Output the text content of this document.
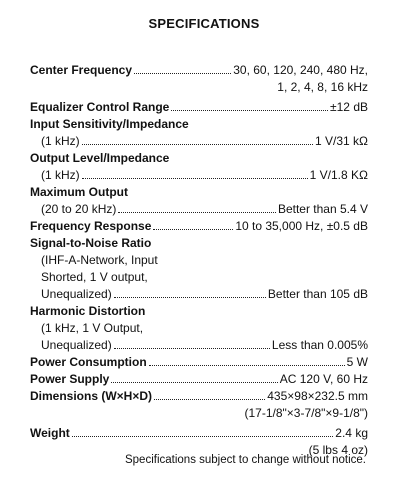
SPECIFICATIONS
Center Frequency	30, 60, 120, 240, 480 Hz,
1, 2, 4, 8, 16 kHz
Equalizer Control Range	±12 dB
Input Sensitivity/Impedance
(1 kHz)	1 V/31 kΩ
Output Level/Impedance
(1 kHz)	1 V/1.8 KΩ
Maximum Output
(20 to 20 kHz)	Better than 5.4 V
Frequency Response	10 to 35,000 Hz, ±0.5 dB
Signal-to-Noise Ratio
(IHF-A-Network, Input
Shorted, 1 V output,
Unequalized)	Better than 105 dB
Harmonic Distortion
(1 kHz, 1 V Output,
Unequalized)	Less than 0.005%
Power Consumption	5 W
Power Supply	AC 120 V, 60 Hz
Dimensions (W×H×D)	435×98×232.5 mm
(17-1/8"×3-7/8"×9-1/8")
Weight	2.4 kg
(5 lbs 4 oz)
Specifications subject to change without notice.
